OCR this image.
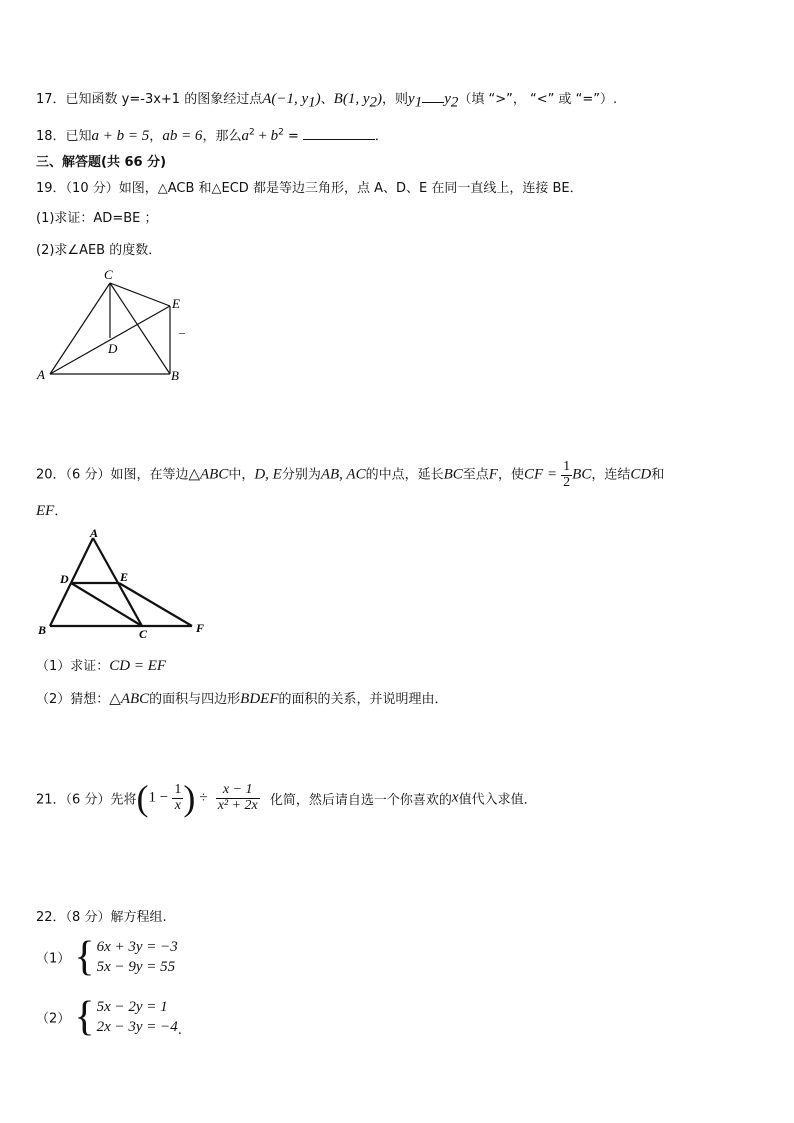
17．已知函数 y=-3x+1 的图象经过点A(−1, $y_1$)、B(1, $y_2$)，则$y_1$ $y_2$（填 “>”， “<” 或 “=”）.
18．已知a + b = 5，ab = 6，那么$a^2 + b^2$ =	．
三、解答题(共 66 分)
19．（10 分）如图，△ACB 和△ECD 都是等边三角形，点 A、D、E 在同一直线上，连接 BE．
(1)求证：AD=BE ；
(2)求∠AEB 的度数．
C
E
D
A	B
–
20．（6 分）如图，在等边△ABC中，D, E分别为AB, AC的中点，延长BC至点F，使CF = $\frac{1}{2}$ BC，连结CD和
EF．
A
D	E
B	C	F
（1）求证：CD = EF
（2）猜想：△ABC的面积与四边形BDEF的面积的关系，并说明理由．
21．（6 分）先将($1 - \frac{1}{x}$ ) ÷ $\frac{x - 1}{\text{x² + 2x}}$ 化简，然后请自选一个你喜欢的x值代入求值．
22．（8 分）解方程组.
（1） { 6x + 3y = −3
5x − 9y = 55
（2） { 5x − 2y = 1
2x − 3y = −4 .
